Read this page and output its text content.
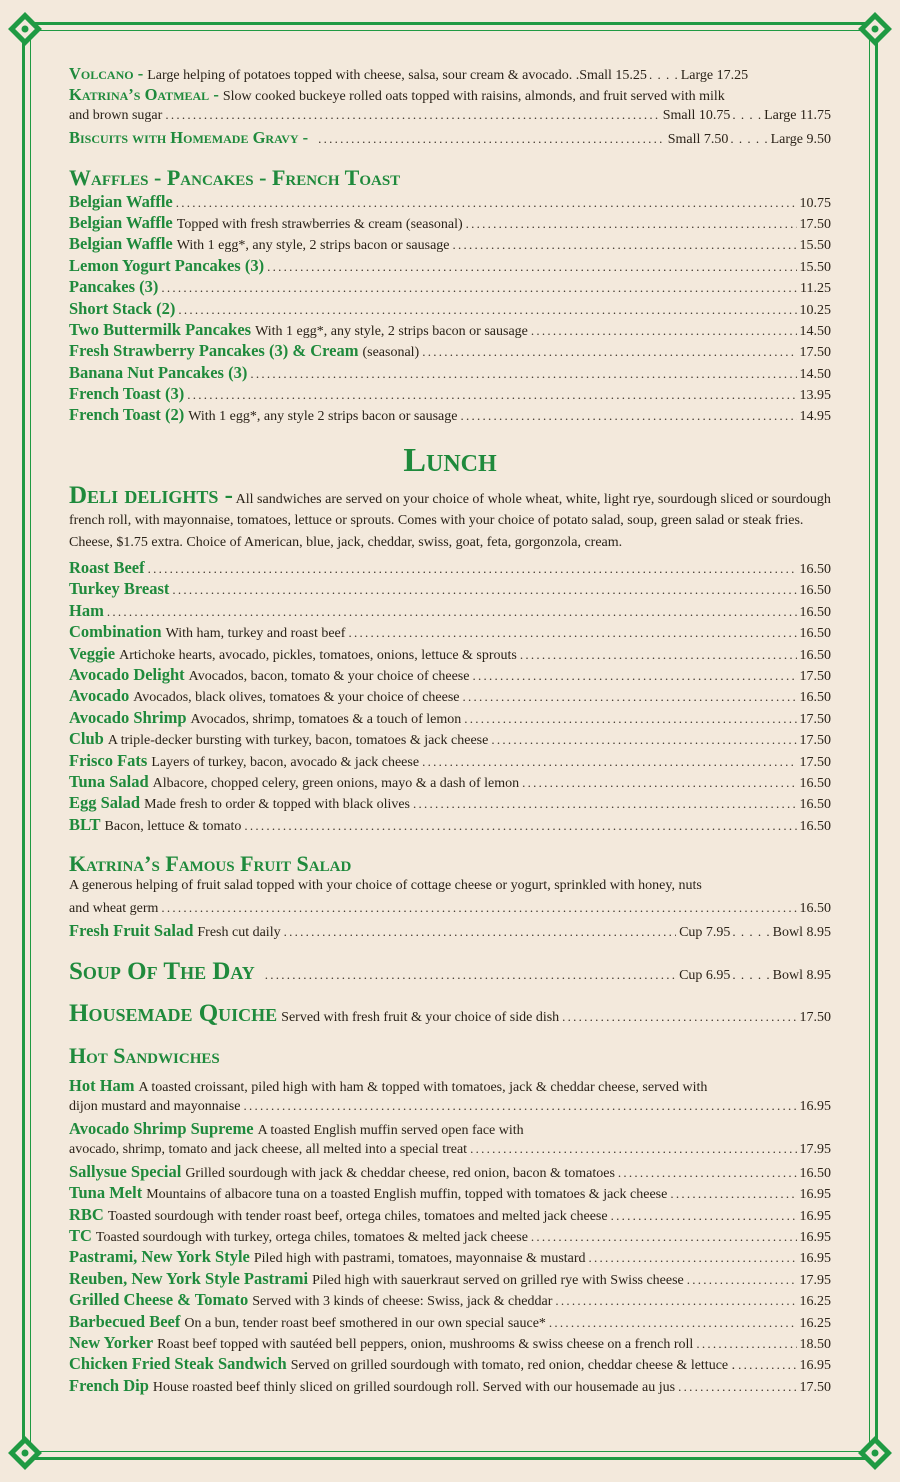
Volcano - Large helping of potatoes topped with cheese, salsa, sour cream & avocado. . Small 15.25 . . . . Large 17.25
Katrina’s Oatmeal - Slow cooked buckeye rolled oats topped with raisins, almonds, and fruit served with milk
and brown sugar . . .	Small 10.75 . . . . Large 11.75
Biscuits with Homemade Gravy - . . .	Small 7.50 . . . . . Large 9.50
Waffles - Pancakes - French Toast
Belgian Waffle . . .	10.75
Belgian Waffle Topped with fresh strawberries & cream (seasonal) . . .	17.50
Belgian Waffle With 1 egg*, any style, 2 strips bacon or sausage . . .	15.50
Lemon Yogurt Pancakes (3) . . .	15.50
Pancakes (3) . . .	11.25
Short Stack (2) . . .	10.25
Two Buttermilk Pancakes With 1 egg*, any style, 2 strips bacon or sausage . . .	14.50
Fresh Strawberry Pancakes (3) & Cream (seasonal) . . .	17.50
Banana Nut Pancakes (3) . . .	14.50
French Toast (3) . . .	13.95
French Toast (2) With 1 egg*, any style 2 strips bacon or sausage . . .	14.95
Lunch
Deli delights - All sandwiches are served on your choice of whole wheat, white, light rye, sourdough sliced or sourdough french roll, with mayonnaise, tomatoes, lettuce or sprouts. Comes with your choice of potato salad, soup, green salad or steak fries. Cheese, $1.75 extra. Choice of American, blue, jack, cheddar, swiss, goat, feta, gorgonzola, cream.
Roast Beef . . .	16.50
Turkey Breast . . .	16.50
Ham . . .	16.50
Combination With ham, turkey and roast beef . . .	16.50
Veggie Artichoke hearts, avocado, pickles, tomatoes, onions, lettuce & sprouts . . .	16.50
Avocado Delight Avocados, bacon, tomato & your choice of cheese . . .	17.50
Avocado Avocados, black olives, tomatoes & your choice of cheese . . .	16.50
Avocado Shrimp Avocados, shrimp, tomatoes & a touch of lemon . . .	17.50
Club A triple-decker bursting with turkey, bacon, tomatoes & jack cheese . . .	17.50
Frisco Fats Layers of turkey, bacon, avocado & jack cheese . . .	17.50
Tuna Salad Albacore, chopped celery, green onions, mayo & a dash of lemon . . .	16.50
Egg Salad Made fresh to order & topped with black olives . . .	16.50
BLT Bacon, lettuce & tomato . . .	16.50
Katrina’s Famous Fruit Salad
A generous helping of fruit salad topped with your choice of cottage cheese or yogurt, sprinkled with honey, nuts
and wheat germ . . .	16.50
Fresh Fruit Salad Fresh cut daily . . .	Cup 7.95 . . . . . Bowl 8.95
Soup Of The Day . . .	Cup 6.95 . . . . . Bowl 8.95
Housemade Quiche Served with fresh fruit & your choice of side dish . . .	17.50
Hot Sandwiches
Hot Ham A toasted croissant, piled high with ham & topped with tomatoes, jack & cheddar cheese, served with
dijon mustard and mayonnaise . . .	16.95
Avocado Shrimp Supreme A toasted English muffin served open face with
avocado, shrimp, tomato and jack cheese, all melted into a special treat . . .	17.95
Sallysue Special Grilled sourdough with jack & cheddar cheese, red onion, bacon & tomatoes . . .	16.50
Tuna Melt Mountains of albacore tuna on a toasted English muffin, topped with tomatoes & jack cheese . . .	16.95
RBC Toasted sourdough with tender roast beef, ortega chiles, tomatoes and melted jack cheese . . .	16.95
TC Toasted sourdough with turkey, ortega chiles, tomatoes & melted jack cheese . . .	16.95
Pastrami, New York Style Piled high with pastrami, tomatoes, mayonnaise & mustard . . .	16.95
Reuben, New York Style Pastrami Piled high with sauerkraut served on grilled rye with Swiss cheese . . .	17.95
Grilled Cheese & Tomato Served with 3 kinds of cheese: Swiss, jack & cheddar . . .	16.25
Barbecued Beef On a bun, tender roast beef smothered in our own special sauce* . . .	16.25
New Yorker Roast beef topped with sautéed bell peppers, onion, mushrooms & swiss cheese on a french roll . . .	18.50
Chicken Fried Steak Sandwich Served on grilled sourdough with tomato, red onion, cheddar cheese & lettuce . . . .	16.95
French Dip House roasted beef thinly sliced on grilled sourdough roll. Served with our housemade au jus . . .	17.50
